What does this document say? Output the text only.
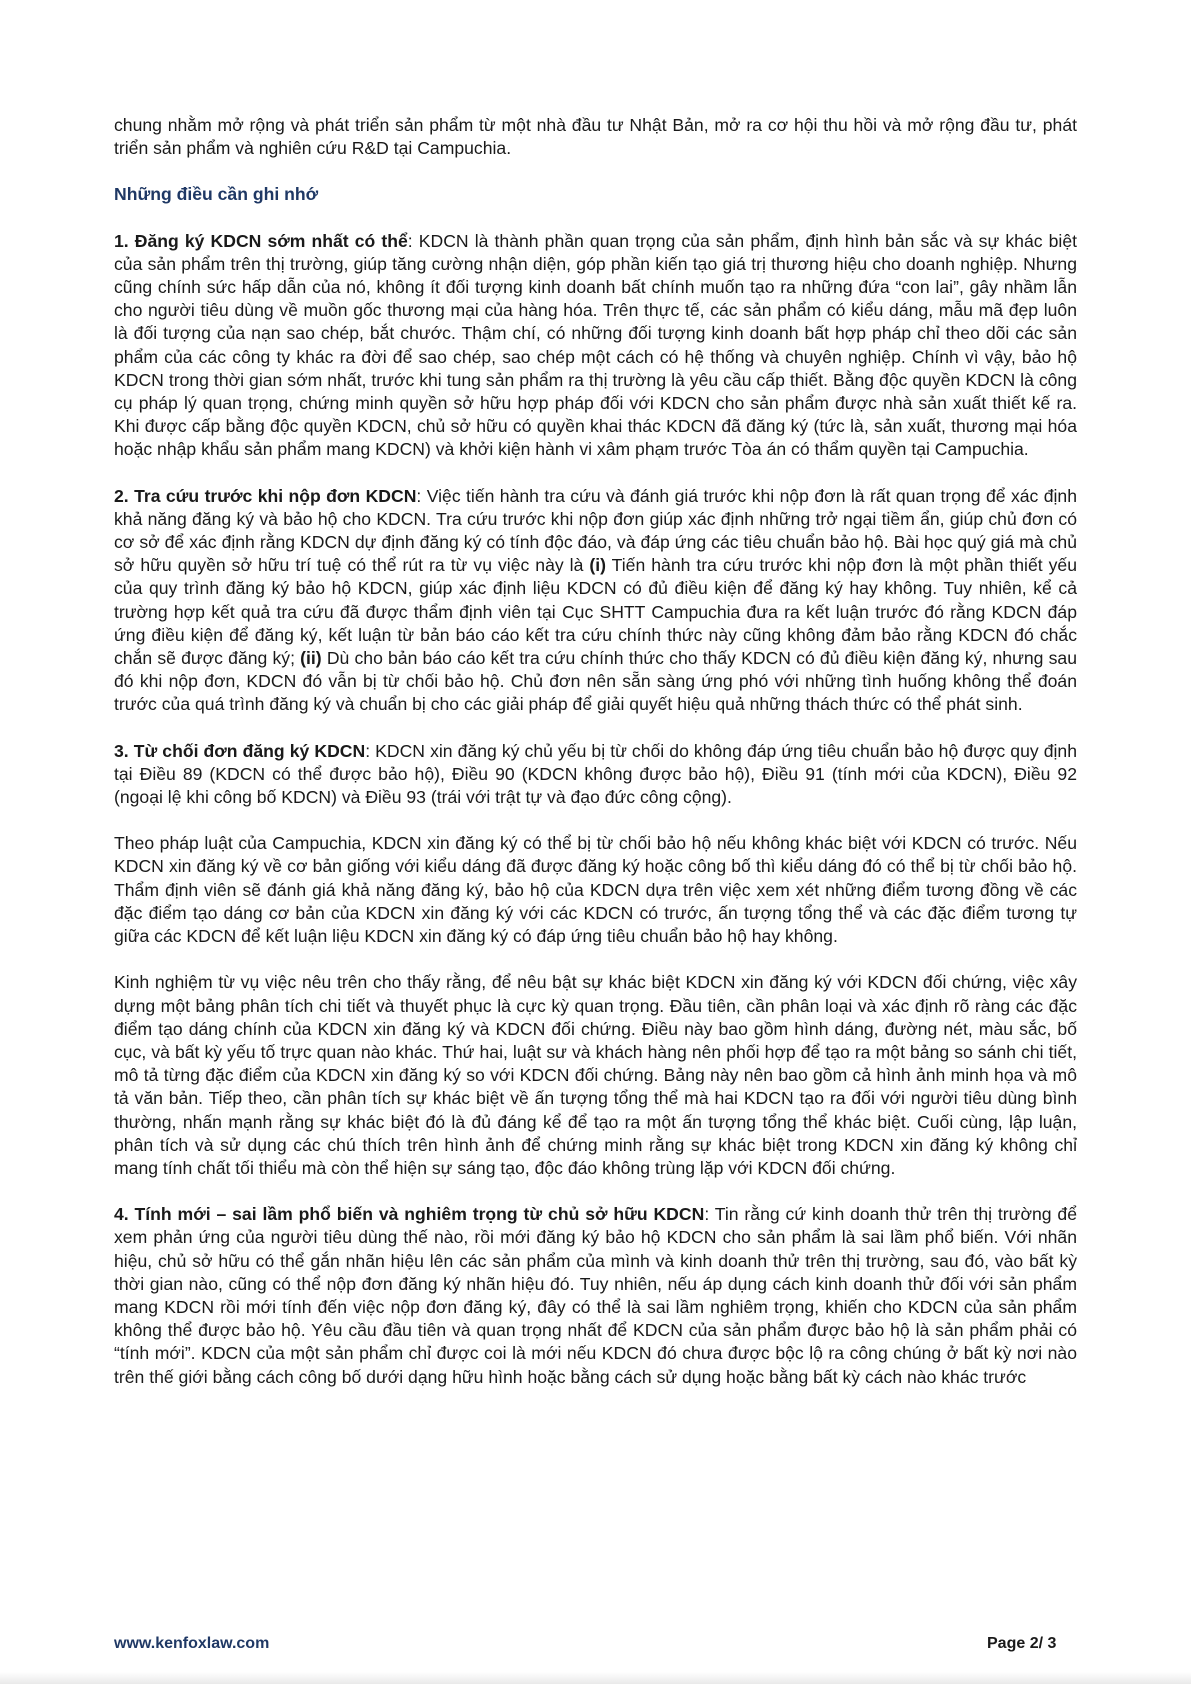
chung nhằm mở rộng và phát triển sản phẩm từ một nhà đầu tư Nhật Bản, mở ra cơ hội thu hồi và mở rộng đầu tư, phát triển sản phẩm và nghiên cứu R&D tại Campuchia.

Những điều cần ghi nhớ

1. Đăng ký KDCN sớm nhất có thể: KDCN là thành phần quan trọng của sản phẩm, định hình bản sắc và sự khác biệt của sản phẩm trên thị trường, giúp tăng cường nhận diện, góp phần kiến tạo giá trị thương hiệu cho doanh nghiệp. Nhưng cũng chính sức hấp dẫn của nó, không ít đối tượng kinh doanh bất chính muốn tạo ra những đứa “con lai”, gây nhầm lẫn cho người tiêu dùng về muồn gốc thương mại của hàng hóa. Trên thực tế, các sản phẩm có kiểu dáng, mẫu mã đẹp luôn là đối tượng của nạn sao chép, bắt chước. Thậm chí, có những đối tượng kinh doanh bất hợp pháp chỉ theo dõi các sản phẩm của các công ty khác ra đời để sao chép, sao chép một cách có hệ thống và chuyên nghiệp. Chính vì vậy, bảo hộ KDCN trong thời gian sớm nhất, trước khi tung sản phẩm ra thị trường là yêu cầu cấp thiết. Bằng độc quyền KDCN là công cụ pháp lý quan trọng, chứng minh quyền sở hữu hợp pháp đối với KDCN cho sản phẩm được nhà sản xuất thiết kế ra. Khi được cấp bằng độc quyền KDCN, chủ sở hữu có quyền khai thác KDCN đã đăng ký (tức là, sản xuất, thương mại hóa hoặc nhập khẩu sản phẩm mang KDCN) và khởi kiện hành vi xâm phạm trước Tòa án có thẩm quyền tại Campuchia.

2. Tra cứu trước khi nộp đơn KDCN: Việc tiến hành tra cứu và đánh giá trước khi nộp đơn là rất quan trọng để xác định khả năng đăng ký và bảo hộ cho KDCN. Tra cứu trước khi nộp đơn giúp xác định những trở ngại tiềm ẩn, giúp chủ đơn có cơ sở để xác định rằng KDCN dự định đăng ký có tính độc đáo, và đáp ứng các tiêu chuẩn bảo hộ. Bài học quý giá mà chủ sở hữu quyền sở hữu trí tuệ có thể rút ra từ vụ việc này là (i) Tiến hành tra cứu trước khi nộp đơn là một phần thiết yếu của quy trình đăng ký bảo hộ KDCN, giúp xác định liệu KDCN có đủ điều kiện để đăng ký hay không. Tuy nhiên, kể cả trường hợp kết quả tra cứu đã được thẩm định viên tại Cục SHTT Campuchia đưa ra kết luận trước đó rằng KDCN đáp ứng điều kiện để đăng ký, kết luận từ bản báo cáo kết tra cứu chính thức này cũng không đảm bảo rằng KDCN đó chắc chắn sẽ được đăng ký; (ii) Dù cho bản báo cáo kết tra cứu chính thức cho thấy KDCN có đủ điều kiện đăng ký, nhưng sau đó khi nộp đơn, KDCN đó vẫn bị từ chối bảo hộ. Chủ đơn nên sẵn sàng ứng phó với những tình huống không thể đoán trước của quá trình đăng ký và chuẩn bị cho các giải pháp để giải quyết hiệu quả những thách thức có thể phát sinh.

3. Từ chối đơn đăng ký KDCN: KDCN xin đăng ký chủ yếu bị từ chối do không đáp ứng tiêu chuẩn bảo hộ được quy định tại Điều 89 (KDCN có thể được bảo hộ), Điều 90 (KDCN không được bảo hộ), Điều 91 (tính mới của KDCN), Điều 92 (ngoại lệ khi công bố KDCN) và Điều 93 (trái với trật tự và đạo đức công cộng).

Theo pháp luật của Campuchia, KDCN xin đăng ký có thể bị từ chối bảo hộ nếu không khác biệt với KDCN có trước. Nếu KDCN xin đăng ký về cơ bản giống với kiểu dáng đã được đăng ký hoặc công bố thì kiểu dáng đó có thể bị từ chối bảo hộ. Thẩm định viên sẽ đánh giá khả năng đăng ký, bảo hộ của KDCN dựa trên việc xem xét những điểm tương đồng về các đặc điểm tạo dáng cơ bản của KDCN xin đăng ký với các KDCN có trước, ấn tượng tổng thể và các đặc điểm tương tự giữa các KDCN để kết luận liệu KDCN xin đăng ký có đáp ứng tiêu chuẩn bảo hộ hay không.

Kinh nghiệm từ vụ việc nêu trên cho thấy rằng, để nêu bật sự khác biệt KDCN xin đăng ký với KDCN đối chứng, việc xây dựng một bảng phân tích chi tiết và thuyết phục là cực kỳ quan trọng. Đầu tiên, cần phân loại và xác định rõ ràng các đặc điểm tạo dáng chính của KDCN xin đăng ký và KDCN đối chứng. Điều này bao gồm hình dáng, đường nét, màu sắc, bố cục, và bất kỳ yếu tố trực quan nào khác. Thứ hai, luật sư và khách hàng nên phối hợp để tạo ra một bảng so sánh chi tiết, mô tả từng đặc điểm của KDCN xin đăng ký so với KDCN đối chứng. Bảng này nên bao gồm cả hình ảnh minh họa và mô tả văn bản. Tiếp theo, cần phân tích sự khác biệt về ấn tượng tổng thể mà hai KDCN tạo ra đối với người tiêu dùng bình thường, nhấn mạnh rằng sự khác biệt đó là đủ đáng kể để tạo ra một ấn tượng tổng thể khác biệt. Cuối cùng, lập luận, phân tích và sử dụng các chú thích trên hình ảnh để chứng minh rằng sự khác biệt trong KDCN xin đăng ký không chỉ mang tính chất tối thiểu mà còn thể hiện sự sáng tạo, độc đáo không trùng lặp với KDCN đối chứng.

4. Tính mới – sai lầm phổ biến và nghiêm trọng từ chủ sở hữu KDCN: Tin rằng cứ kinh doanh thử trên thị trường để xem phản ứng của người tiêu dùng thế nào, rồi mới đăng ký bảo hộ KDCN cho sản phẩm là sai lầm phổ biến. Với nhãn hiệu, chủ sở hữu có thể gắn nhãn hiệu lên các sản phẩm của mình và kinh doanh thử trên thị trường, sau đó, vào bất kỳ thời gian nào, cũng có thể nộp đơn đăng ký nhãn hiệu đó. Tuy nhiên, nếu áp dụng cách kinh doanh thử đối với sản phẩm mang KDCN rồi mới tính đến việc nộp đơn đăng ký, đây có thể là sai lầm nghiêm trọng, khiến cho KDCN của sản phẩm không thể được bảo hộ. Yêu cầu đầu tiên và quan trọng nhất để KDCN của sản phẩm được bảo hộ là sản phẩm phải có “tính mới”. KDCN của một sản phẩm chỉ được coi là mới nếu KDCN đó chưa được bộc lộ ra công chúng ở bất kỳ nơi nào trên thế giới bằng cách công bố dưới dạng hữu hình hoặc bằng cách sử dụng hoặc bằng bất kỳ cách nào khác trước

www.kenfoxlaw.com	Page 2/ 3
